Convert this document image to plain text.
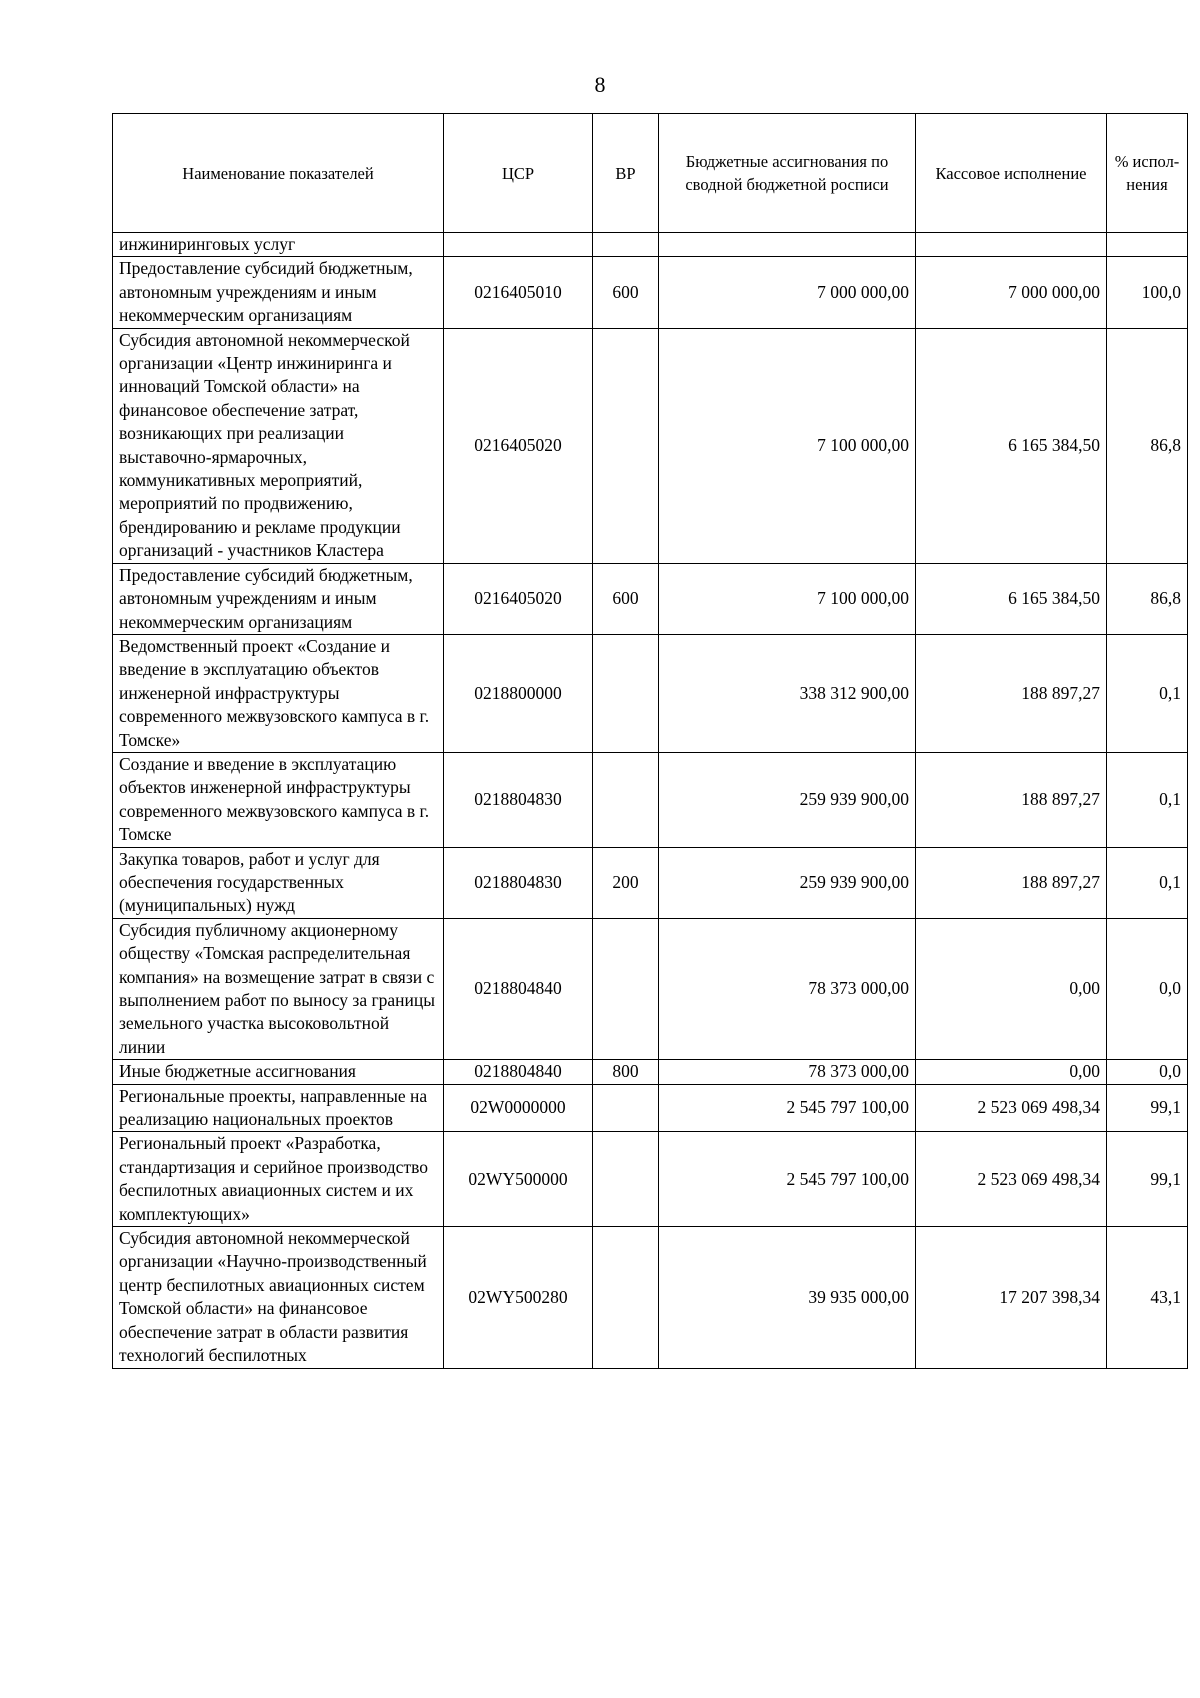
8
Наименование показателей	ЦСР	ВР	Бюджетные ассигнования по сводной бюджетной росписи	Кассовое исполнение	% испол-нения
инжиниринговых услуг					
Предоставление субсидий бюджетным, автономным учреждениям и иным некоммерческим организациям	0216405010	600	7 000 000,00	7 000 000,00	100,0
Субсидия автономной некоммерческой организации «Центр инжиниринга и инноваций Томской области» на финансовое обеспечение затрат, возникающих при реализации выставочно-ярмарочных, коммуникативных мероприятий, мероприятий по продвижению, брендированию и рекламе продукции организаций - участников Кластера	0216405020		7 100 000,00	6 165 384,50	86,8
Предоставление субсидий бюджетным, автономным учреждениям и иным некоммерческим организациям	0216405020	600	7 100 000,00	6 165 384,50	86,8
Ведомственный проект «Создание и введение в эксплуатацию объектов инженерной инфраструктуры современного межвузовского кампуса в г. Томске»	0218800000		338 312 900,00	188 897,27	0,1
Создание и введение в эксплуатацию объектов инженерной инфраструктуры современного межвузовского кампуса в г. Томске	0218804830		259 939 900,00	188 897,27	0,1
Закупка товаров, работ и услуг для обеспечения государственных (муниципальных) нужд	0218804830	200	259 939 900,00	188 897,27	0,1
Субсидия публичному акционерному обществу «Томская распределительная компания» на возмещение затрат в связи с выполнением работ по выносу за границы земельного участка высоковольтной линии	0218804840		78 373 000,00	0,00	0,0
Иные бюджетные ассигнования	0218804840	800	78 373 000,00	0,00	0,0
Региональные проекты, направленные на реализацию национальных проектов	02W0000000		2 545 797 100,00	2 523 069 498,34	99,1
Региональный проект «Разработка, стандартизация и серийное производство беспилотных авиационных систем и их комплектующих»	02WY500000		2 545 797 100,00	2 523 069 498,34	99,1
Субсидия автономной некоммерческой организации «Научно-производственный центр беспилотных авиационных систем Томской области» на финансовое обеспечение затрат в области развития технологий беспилотных	02WY500280		39 935 000,00	17 207 398,34	43,1
